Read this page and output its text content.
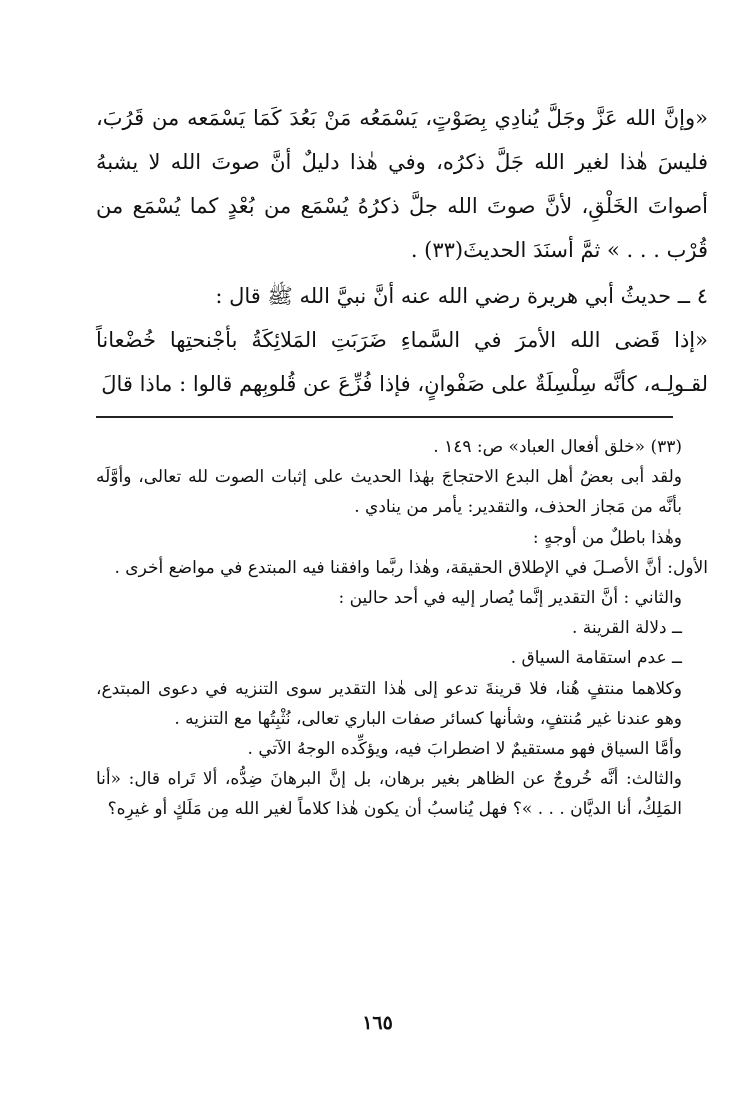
«وإنَّ الله عَزَّ وجَلَّ يُنادِي بِصَوْتٍ، يَسْمَعُه مَنْ بَعُدَ كَمَا يَسْمَعه من قَرُبَ، فليسَ هٰذا لغير الله جَلَّ ذكرُه، وفي هٰذا دليلٌ أنَّ صوتَ الله لا يشبهُ أصواتَ الخَلْقِ، لأنَّ صوتَ الله جلَّ ذكرُهُ يُسْمَع من بُعْدٍ كما يُسْمَع من قُرْب . . . » ثمَّ أسنَدَ الحديثَ(٣٣) .

٤ ــ حديثُ أبي هريرة رضي الله عنه أنَّ نبيَّ الله ﷺ قال :

«إذا قَضى الله الأمرَ في السَّماءِ ضَرَبَتِ المَلائِكَةُ بأجْنحتِها خُضْعاناً لقـولِـه، كأنَّه سِلْسِلَةٌ على صَفْوانٍ، فإذا فُزِّعَ عن قُلوبِهم قالوا : ماذا قالَ

(٣٣) «خلق أفعال العباد» ص: ١٤٩ .

ولقد أبى بعضُ أهل البدع الاحتجاجَ بهٰذا الحديث على إثبات الصوت لله تعالى، وأوَّلَه بأنَّه من مَجاز الحذف، والتقدير: يأمر من ينادي .

وهٰذا باطلٌ من أوجهٍ :

الأول: أنَّ الأصـلَ في الإطلاق الحقيقة، وهٰذا ربَّما وافقنا فيه المبتدع في مواضع أخرى .

والثاني : أنَّ التقدير إنَّما يُصار إليه في أحد حالين :

ــ دلالة القرينة .

ــ عدم استقامة السياق .

وكلاهما منتفٍ هُنا، فلا قرينةَ تدعو إلى هٰذا التقدير سوى التنزيه في دعوى المبتدع، وهو عندنا غير مُنتفٍ، وشأنها كسائر صفات الباري تعالى، نُثْبِتُها مع التنزيه .

وأمَّا السياق فهو مستقيمٌ لا اضطرابَ فيه، ويؤكِّده الوجهُ الآتي .

والثالث: أنَّه خُروجٌ عن الظاهر بغير برهان، بل إنَّ البرهانَ ضِدُّه، ألا تَراه قال: «أنا المَلِكُ، أنا الديَّان . . . »؟ فهل يُناسبُ أن يكون هٰذا كلاماً لغير الله مِن مَلَكٍ أو غيرِه؟

١٦٥
